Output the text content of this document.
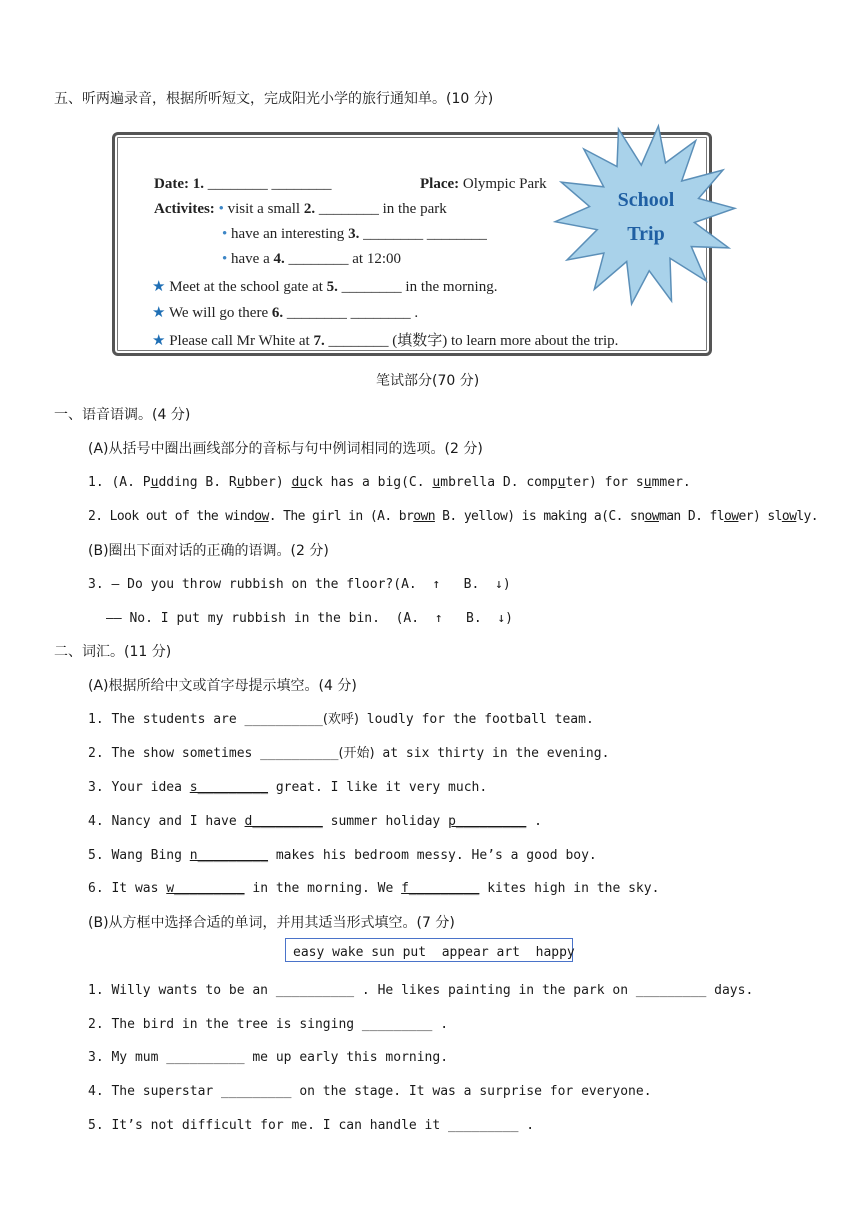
五、听两遍录音，根据所听短文，完成阳光小学的旅行通知单。(10 分)

Date: 1. ________ ________
	Place: Olympic Park

Activites: • visit a small 2. ________ in the park

• have an interesting 3. ________ ________

• have a 4. ________ at 12:00

★ Meet at the school gate at 5. ________ in the morning.

★ We will go there 6. ________ ________ .

★ Please call Mr White at 7. ________ (填数字) to learn more about the trip.

School
Trip
笔试部分(70 分)
一、语音语调。(4 分)
(A)从括号中圈出画线部分的音标与句中例词相同的选项。(2 分)
1. (A. Pudding B. Rubber) duck has a big(C. umbrella D. computer) for summer.
2. Look out of the window. The girl in (A. brown B. yellow) is making a(C. snowman D. flower) slowly.
(B)圈出下面对话的正确的语调。(2 分)
3. — Do you throw rubbish on the floor?(A.  ↑   B.  ↓)
—— No. I put my rubbish in the bin.  (A.  ↑   B.  ↓)
二、词汇。(11 分)
(A)根据所给中文或首字母提示填空。(4 分)
1. The students are __________(欢呼) loudly for the football team.
2. The show sometimes __________(开始) at six thirty in the evening.
3. Your idea s_________ great. I like it very much.
4. Nancy and I have d_________ summer holiday p_________ .
5. Wang Bing n_________ makes his bedroom messy. He’s a good boy.
6. It was w_________ in the morning. We f_________ kites high in the sky.
(B)从方框中选择合适的单词，并用其适当形式填空。(7 分)
easy wake sun put  appear art  happy
1. Willy wants to be an __________ . He likes painting in the park on _________ days.
2. The bird in the tree is singing _________ .
3. My mum __________ me up early this morning.
4. The superstar _________ on the stage. It was a surprise for everyone.
5. It’s not difficult for me. I can handle it _________ .
